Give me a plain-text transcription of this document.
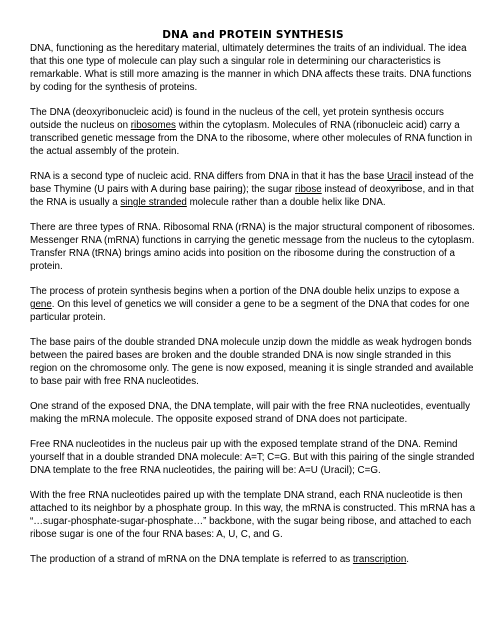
DNA and PROTEIN SYNTHESIS

DNA, functioning as the hereditary material, ultimately determines the traits of an individual. The idea that this one type of molecule can play such a singular role in determining our characteristics is remarkable. What is still more amazing is the manner in which DNA affects these traits. DNA functions by coding for the synthesis of proteins.

The DNA (deoxyribonucleic acid) is found in the nucleus of the cell, yet protein synthesis occurs outside the nucleus on ribosomes within the cytoplasm. Molecules of RNA (ribonucleic acid) carry a transcribed genetic message from the DNA to the ribosome, where other molecules of RNA function in the actual assembly of the protein.

RNA is a second type of nucleic acid. RNA differs from DNA in that it has the base Uracil instead of the base Thymine (U pairs with A during base pairing); the sugar ribose instead of deoxyribose, and in that the RNA is usually a single stranded molecule rather than a double helix like DNA.

There are three types of RNA. Ribosomal RNA (rRNA) is the major structural component of ribosomes. Messenger RNA (mRNA) functions in carrying the genetic message from the nucleus to the cytoplasm. Transfer RNA (tRNA) brings amino acids into position on the ribosome during the construction of a protein.

The process of protein synthesis begins when a portion of the DNA double helix unzips to expose a gene. On this level of genetics we will consider a gene to be a segment of the DNA that codes for one particular protein.

The base pairs of the double stranded DNA molecule unzip down the middle as weak hydrogen bonds between the paired bases are broken and the double stranded DNA is now single stranded in this region on the chromosome only. The gene is now exposed, meaning it is single stranded and available to base pair with free RNA nucleotides.

One strand of the exposed DNA, the DNA template, will pair with the free RNA nucleotides, eventually making the mRNA molecule. The opposite exposed strand of DNA does not participate.

Free RNA nucleotides in the nucleus pair up with the exposed template strand of the DNA. Remind yourself that in a double stranded DNA molecule: A=T; C=G. But with this pairing of the single stranded DNA template to the free RNA nucleotides, the pairing will be: A=U (Uracil); C=G.

With the free RNA nucleotides paired up with the template DNA strand, each RNA nucleotide is then attached to its neighbor by a phosphate group. In this way, the mRNA is constructed. This mRNA has a “…sugar-phosphate-sugar-phosphate…” backbone, with the sugar being ribose, and attached to each ribose sugar is one of the four RNA bases: A, U, C, and G.

The production of a strand of mRNA on the DNA template is referred to as transcription.
